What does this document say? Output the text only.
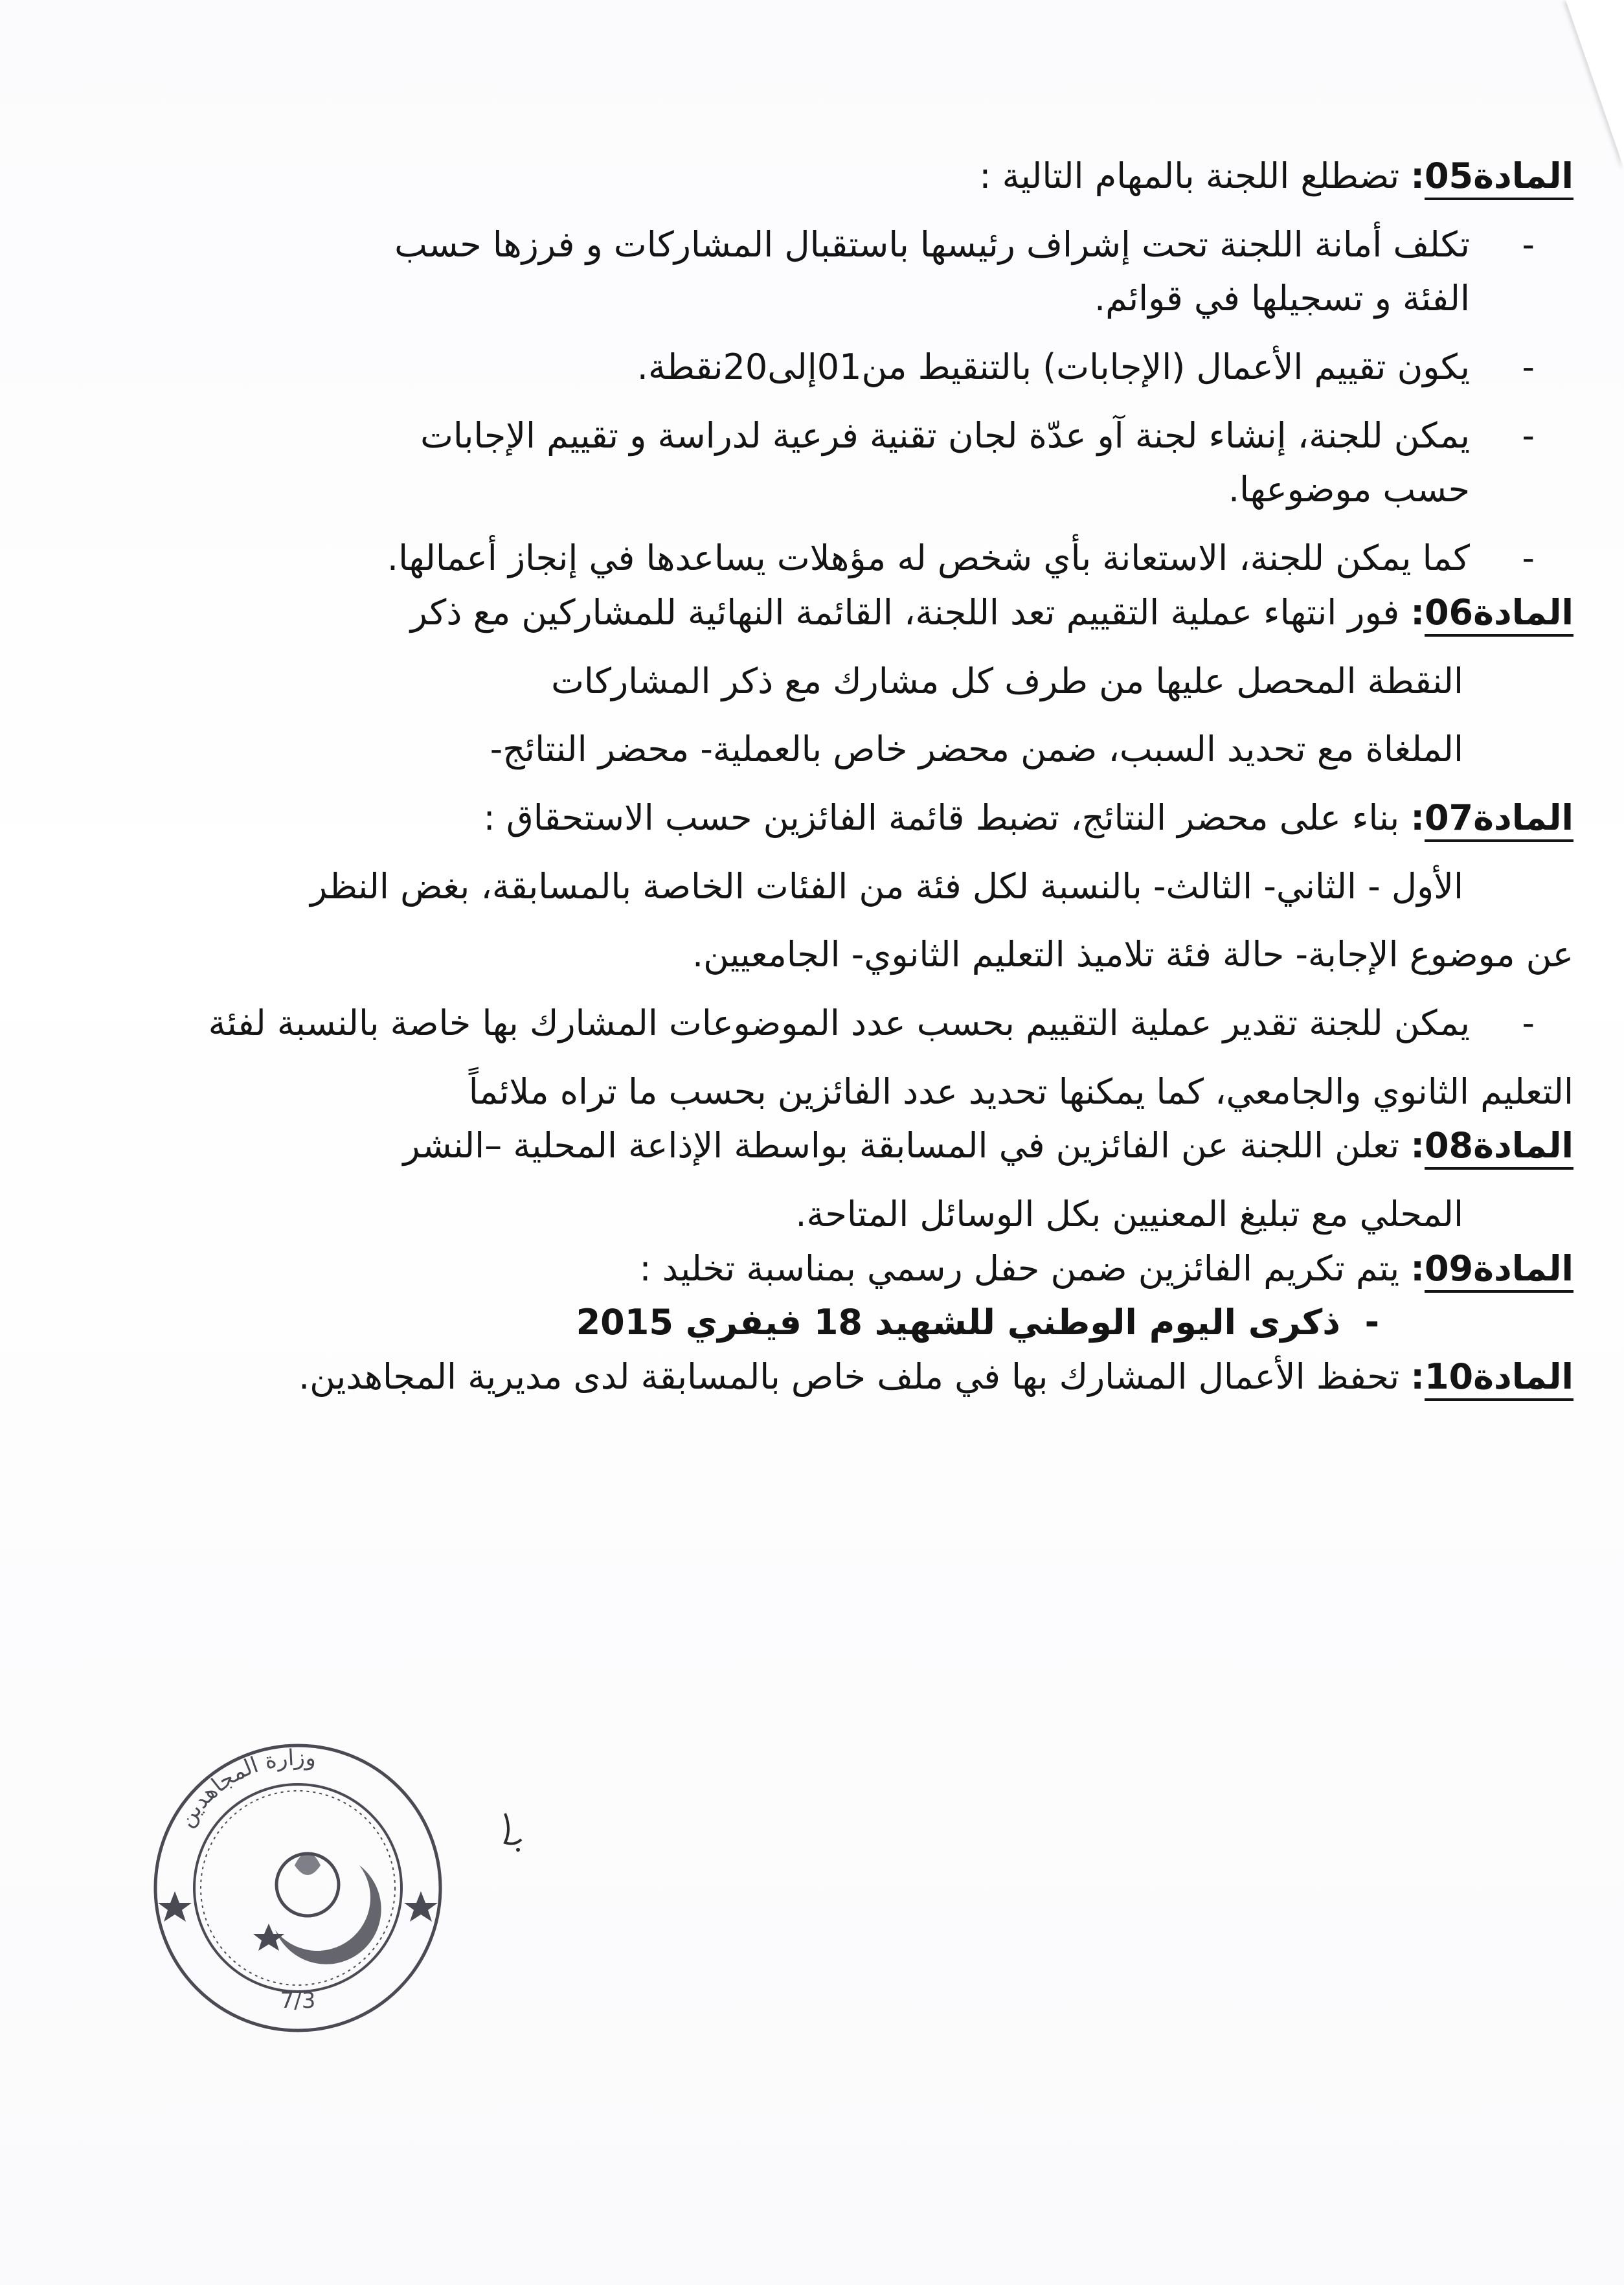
المادة05: تضطلع اللجنة بالمهام التالية :

-
تكلف أمانة اللجنة تحت إشراف رئيسها باستقبال المشاركات و فرزها حسب
الفئة و تسجيلها في قوائم.
-
يكون تقييم الأعمال (الإجابات) بالتنقيط من01إلى20نقطة.
-
يمكن للجنة، إنشاء لجنة آو عدّة لجان تقنية فرعية لدراسة و تقييم الإجابات
حسب موضوعها.
-
كما يمكن للجنة، الاستعانة بأي شخص له مؤهلات يساعدها في إنجاز أعمالها.

المادة06: فور انتهاء عملية التقييم تعد اللجنة، القائمة النهائية للمشاركين مع ذكر

النقطة المحصل عليها من طرف كل مشارك مع ذكر المشاركات

الملغاة مع تحديد السبب، ضمن محضر خاص بالعملية- محضر النتائج-

المادة07: بناء على محضر النتائج، تضبط قائمة الفائزين حسب الاستحقاق :

الأول - الثاني- الثالث- بالنسبة لكل فئة من الفئات الخاصة بالمسابقة، بغض النظر

عن موضوع الإجابة- حالة فئة تلاميذ التعليم الثانوي- الجامعيين.

-
يمكن للجنة تقدير عملية التقييم بحسب عدد الموضوعات المشارك بها خاصة بالنسبة لفئة

التعليم الثانوي والجامعي، كما يمكنها تحديد عدد الفائزين بحسب ما تراه ملائماً

المادة08: تعلن اللجنة عن الفائزين في المسابقة بواسطة الإذاعة المحلية –النشر

المحلي مع تبليغ المعنيين بكل الوسائل المتاحة.

المادة09: يتم تكريم الفائزين ضمن حفل رسمي بمناسبة تخليد :

-
ذكرى اليوم الوطني للشهيد 18 فيفري 2015

المادة10: تحفظ الأعمال المشارك بها في ملف خاص بالمسابقة لدى مديرية المجاهدين.

وزارة المجاهدين
7/3
